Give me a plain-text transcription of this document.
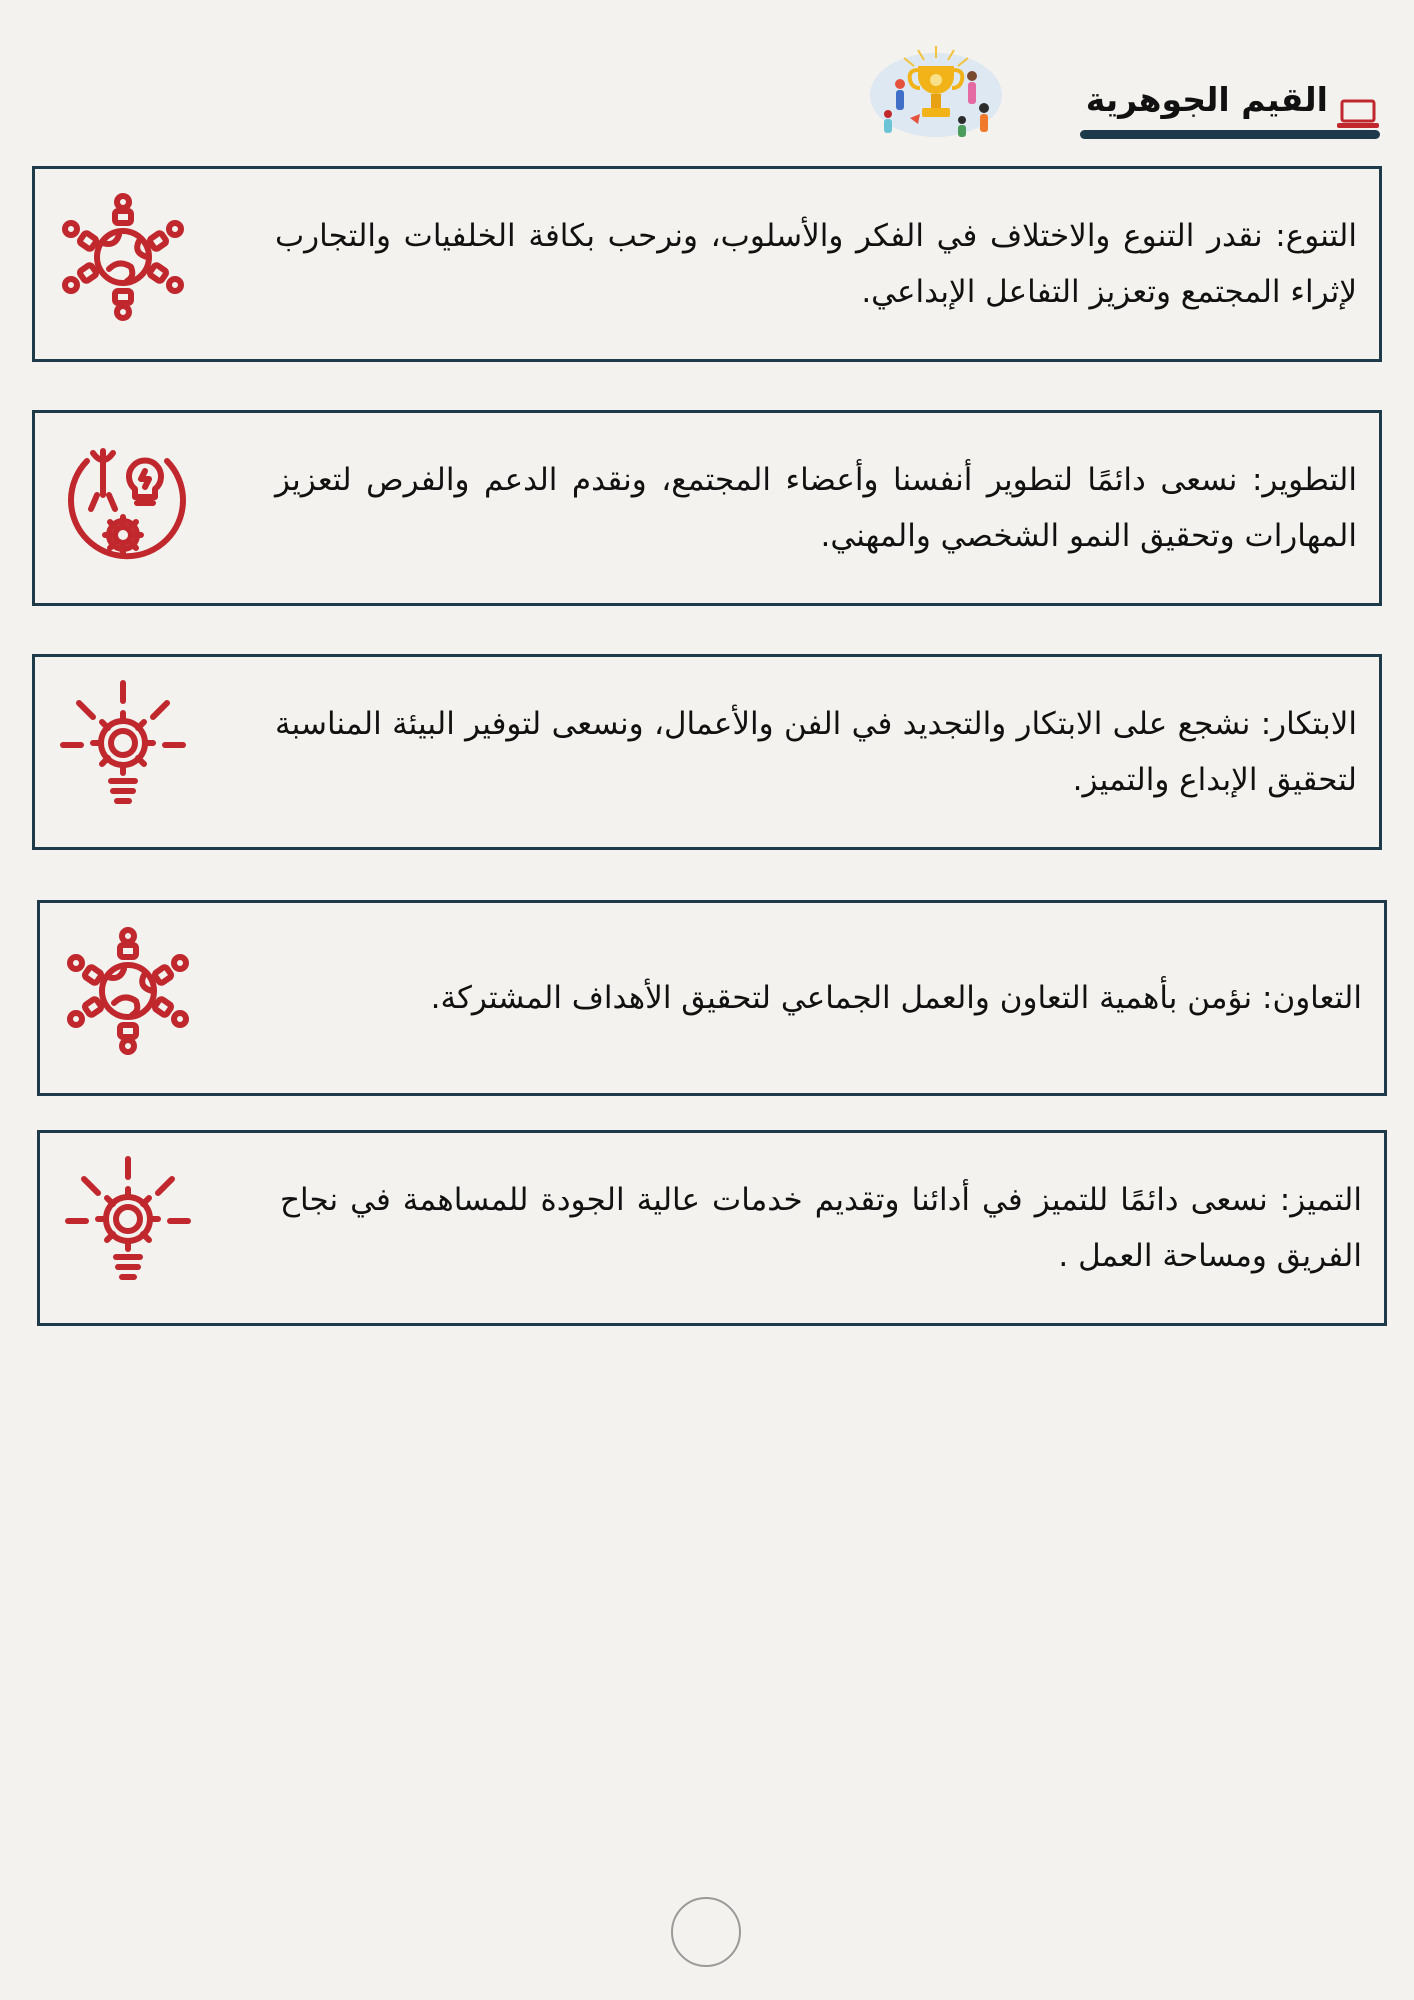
القيم الجوهرية
التنوع: نقدر التنوع والاختلاف في الفكر والأسلوب، ونرحب بكافة الخلفيات والتجارب لإثراء المجتمع وتعزيز التفاعل الإبداعي.
التطوير: نسعى دائمًا لتطوير أنفسنا وأعضاء المجتمع، ونقدم الدعم والفرص لتعزيز المهارات وتحقيق النمو الشخصي والمهني.
الابتكار: نشجع على الابتكار والتجديد في الفن والأعمال، ونسعى لتوفير البيئة المناسبة لتحقيق الإبداع والتميز.
التعاون: نؤمن بأهمية التعاون والعمل الجماعي لتحقيق الأهداف المشتركة.
التميز: نسعى دائمًا للتميز في أدائنا وتقديم خدمات عالية الجودة للمساهمة في نجاح الفريق ومساحة العمل .
